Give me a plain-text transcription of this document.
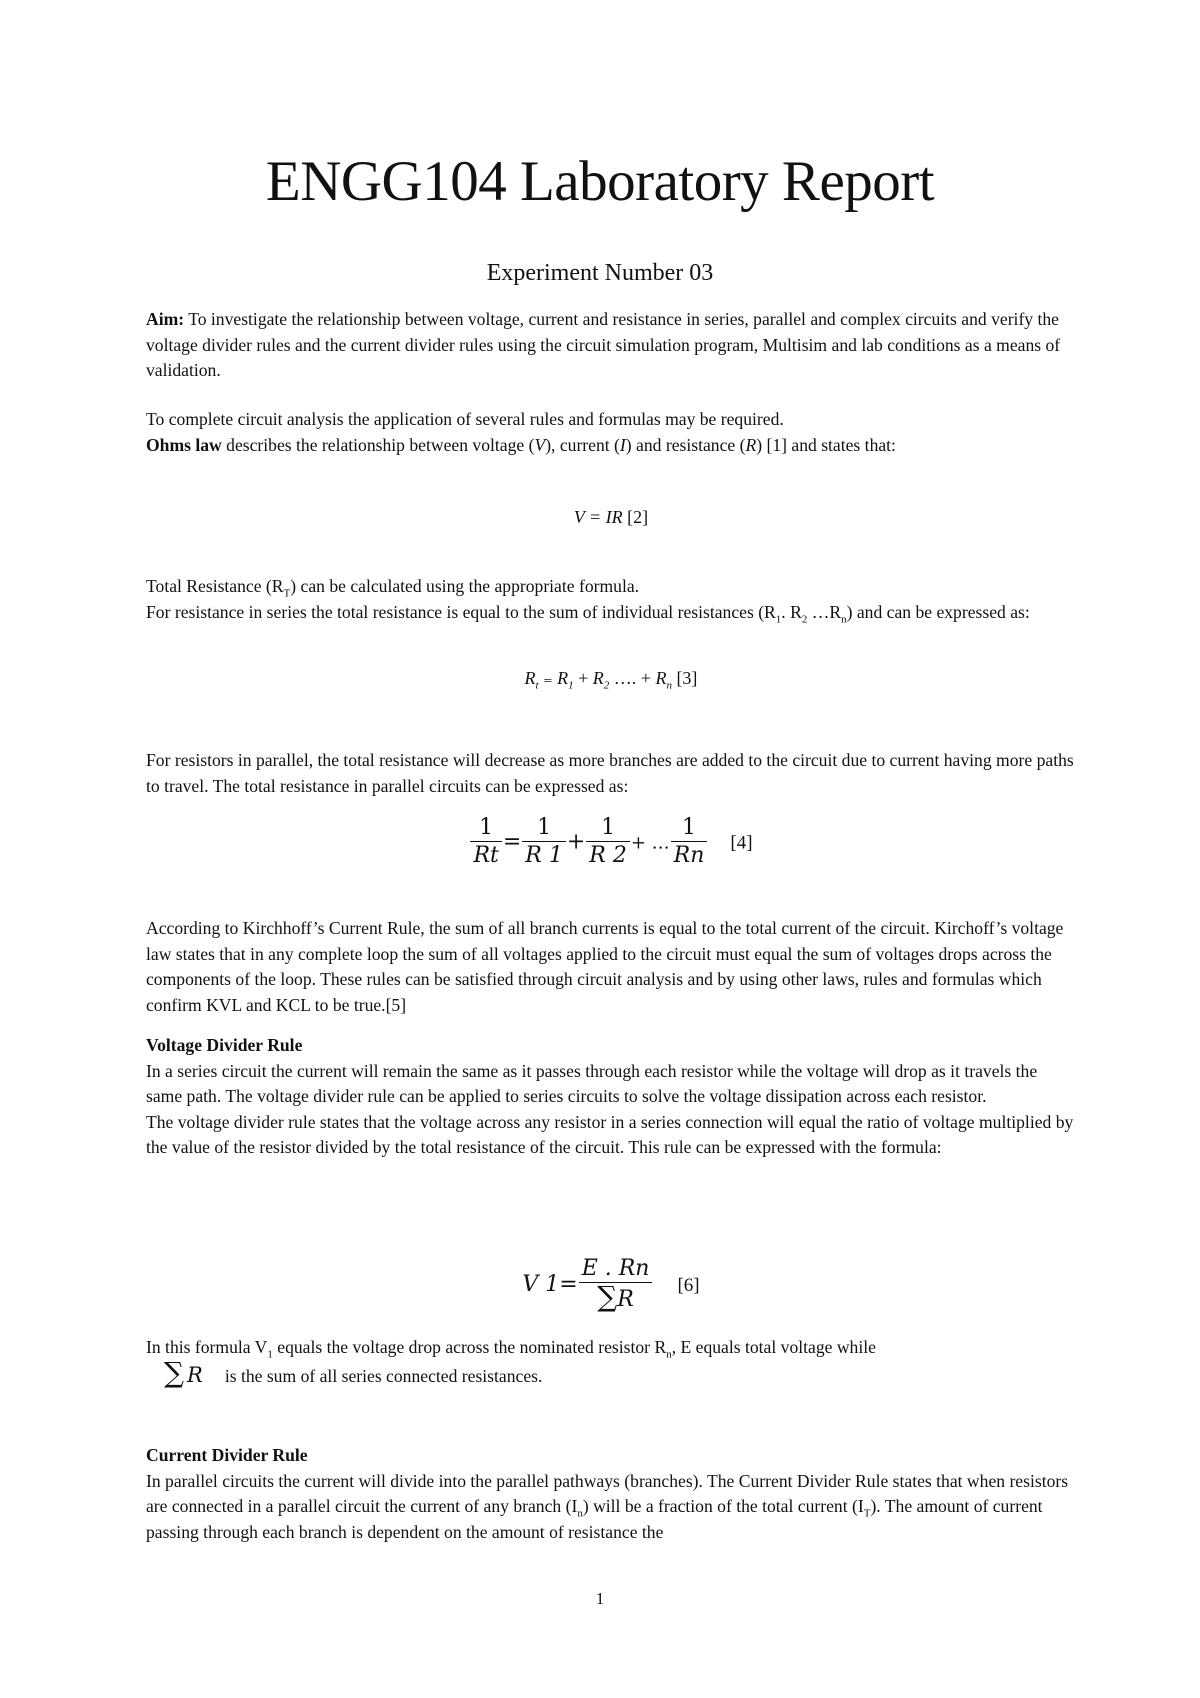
ENGG104 Laboratory Report
Experiment Number 03
Aim: To investigate the relationship between voltage, current and resistance in series, parallel and complex circuits and verify the voltage divider rules and the current divider rules using the circuit simulation program, Multisim and lab conditions as a means of validation.
To complete circuit analysis the application of several rules and formulas may be required.
Ohms law describes the relationship between voltage (V), current (I) and resistance (R) [1] and states that:
V = IR [2]
Total Resistance $(R_T)$ can be calculated using the appropriate formula.
For resistance in series the total resistance is equal to the sum of individual resistances ($R_1$. $R_2$ $\dots R_n$) and can be expressed as:
$R_t$ ₌ $R_1 + R_2$ …. + $R_n$ [3]
For resistors in parallel, the total resistance will decrease as more branches are added to the circuit due to current having more paths to travel. The total resistance in parallel circuits can be expressed as:
$\frac{1}{Rt} = \frac{1}{R 1} + \frac{1}{R 2}$ + … $\frac{1}{Rn} [4]$
According to Kirchhoff’s Current Rule, the sum of all branch currents is equal to the total current of the circuit. Kirchoff’s voltage law states that in any complete loop the sum of all voltages applied to the circuit must equal the sum of voltages drops across the components of the loop. These rules can be satisfied through circuit analysis and by using other laws, rules and formulas which confirm KVL and KCL to be true.[5]
Voltage Divider Rule
In a series circuit the current will remain the same as it passes through each resistor while the voltage will drop as it travels the same path. The voltage divider rule can be applied to series circuits to solve the voltage dissipation across each resistor.
The voltage divider rule states that the voltage across any resistor in a series connection will equal the ratio of voltage multiplied by the value of the resistor divided by the total resistance of the circuit. This rule can be expressed with the formula:
V $1= \frac{E . Rn}{\sum R} [6]$
In this formula $V_1$ equals the voltage drop across the nominated resistor $R_n$, E equals total voltage while
∑ R is the sum of all series connected resistances.
Current Divider Rule
In parallel circuits the current will divide into the parallel pathways (branches). The Current Divider Rule states that when resistors are connected in a parallel circuit the current of any branch $(I_n)$ will be a fraction of the total current $(I_T)$. The amount of current passing through each branch is dependent on the amount of resistance the
1
